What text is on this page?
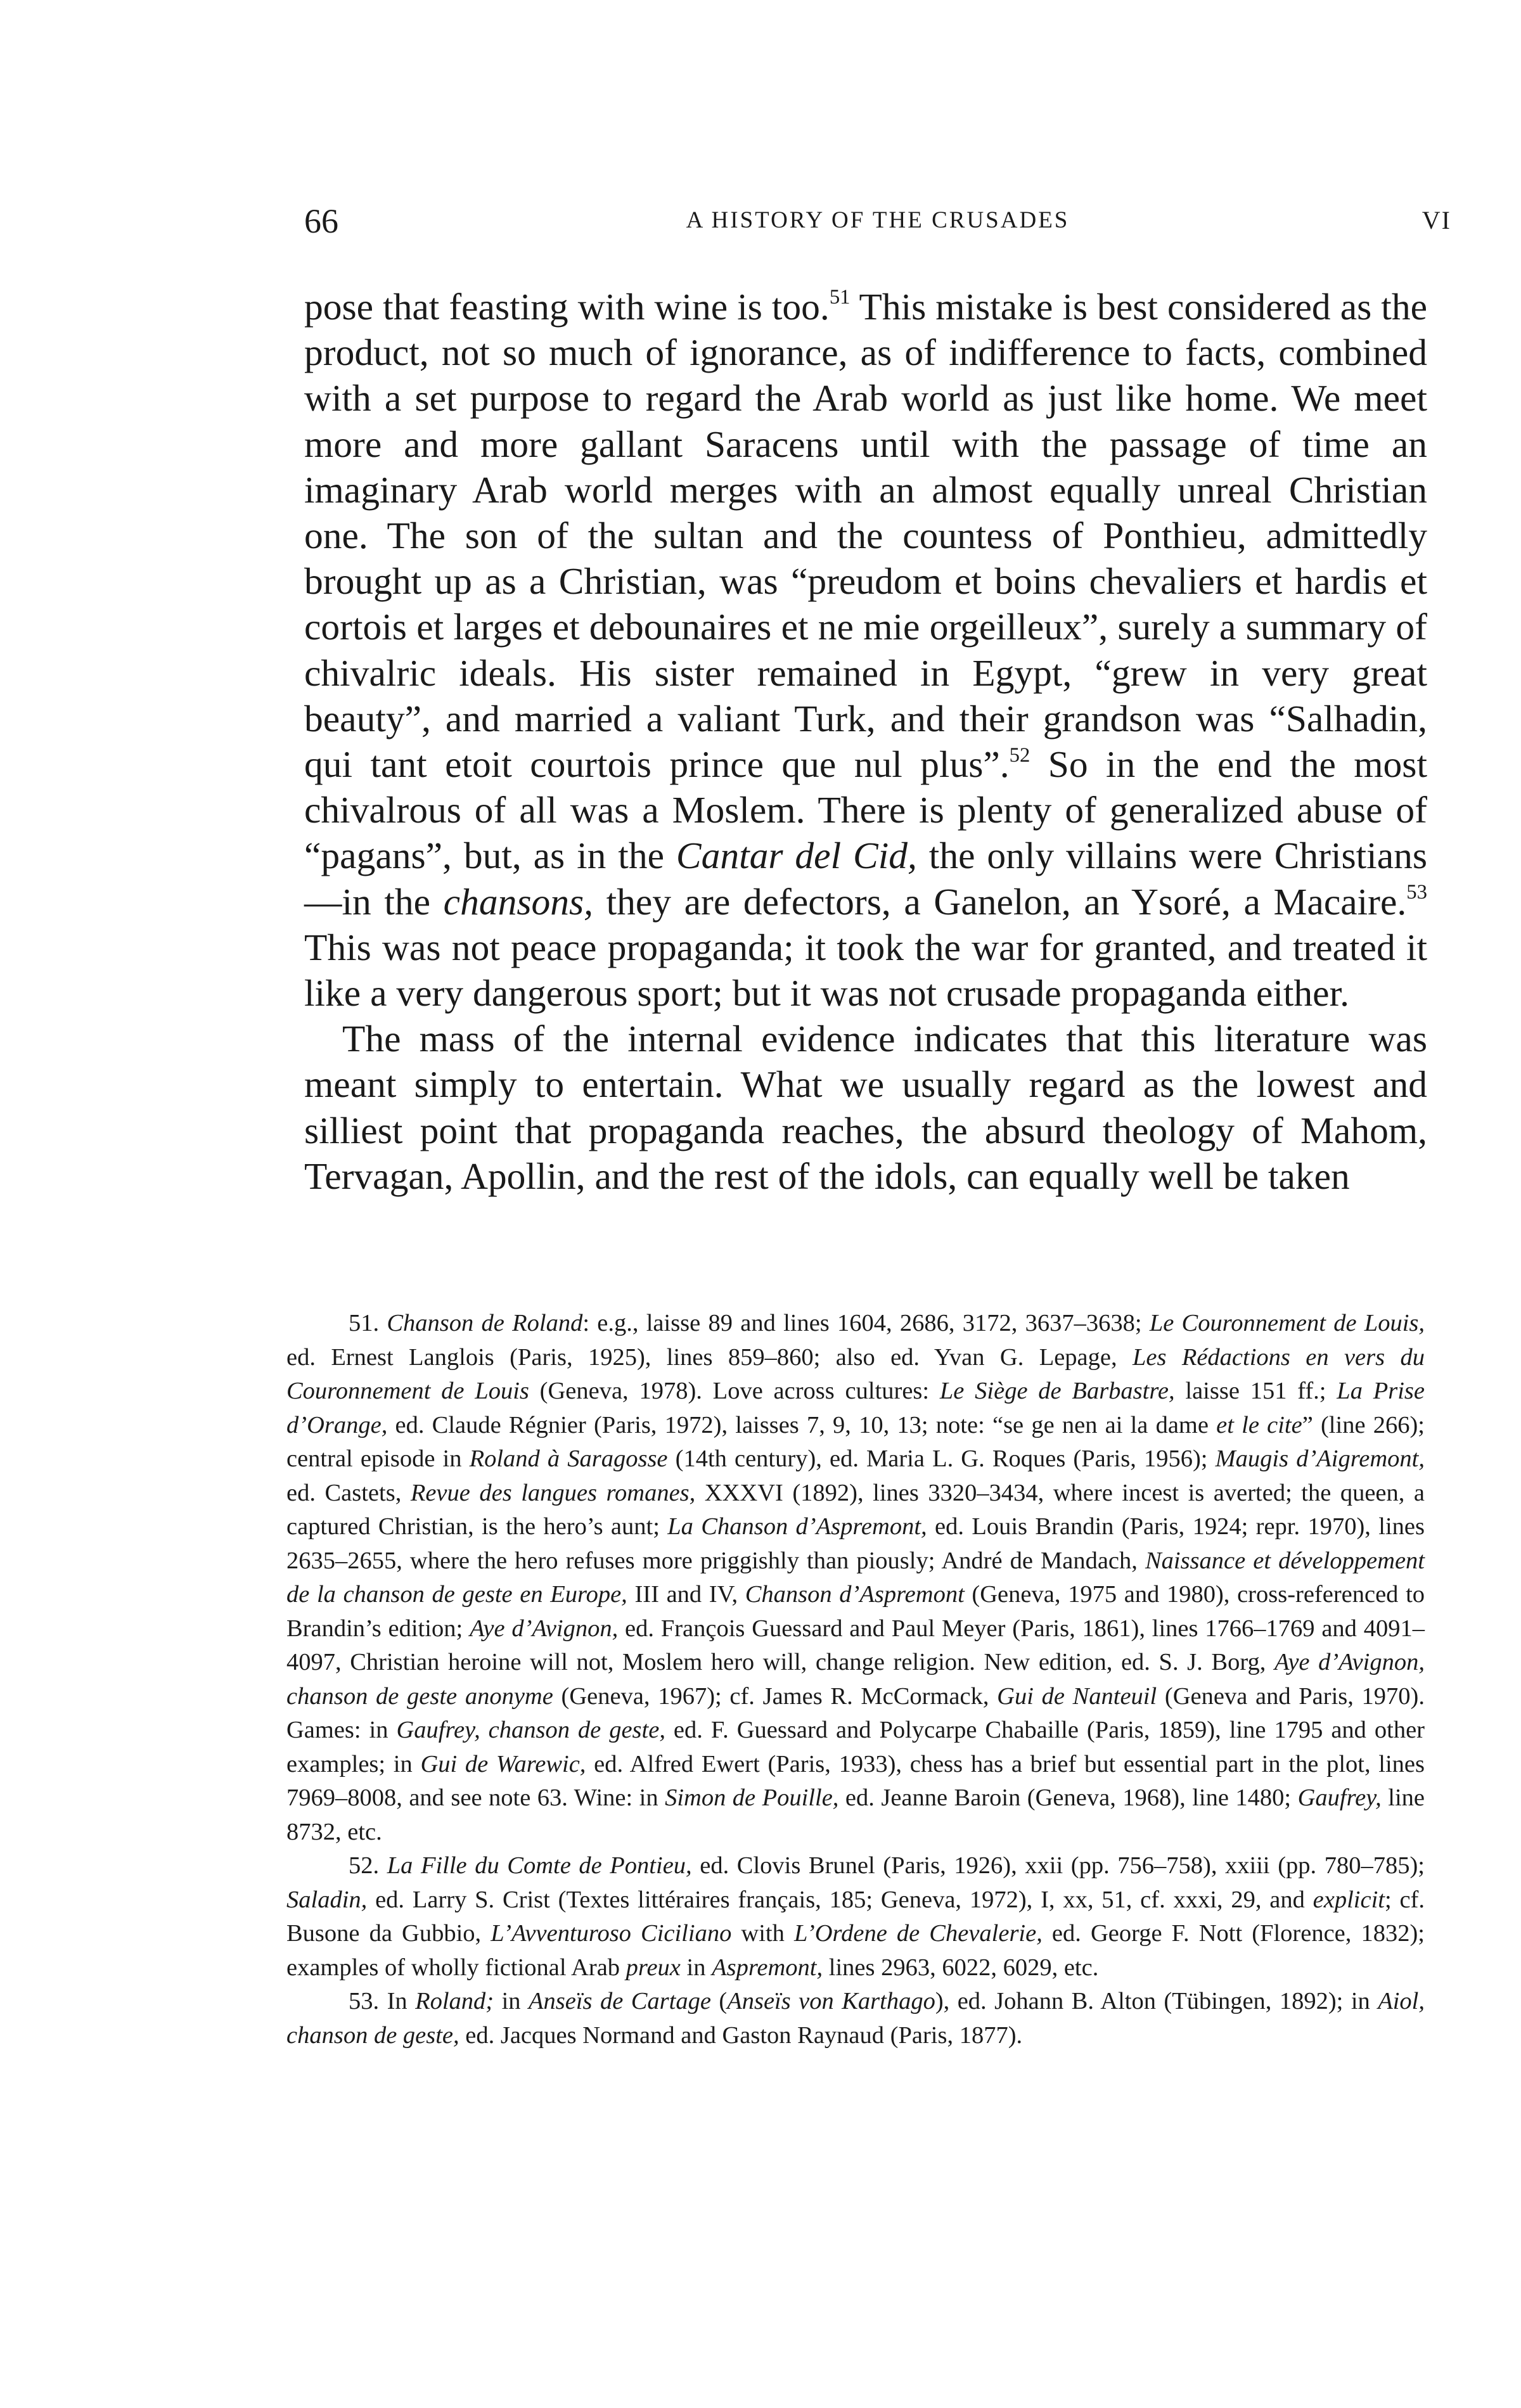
66	A HISTORY OF THE CRUSADES	VI

pose that feasting with wine is too.$^{51}$ This mistake is best considered as the product, not so much of ignorance, as of indifference to facts, combined with a set purpose to regard the Arab world as just like home. We meet more and more gallant Saracens until with the passage of time an imaginary Arab world merges with an almost equally unreal Christian one. The son of the sultan and the countess of Ponthieu, admittedly brought up as a Christian, was “preudom et boins chevaliers et hardis et cortois et larges et debounaires et ne mie orgeilleux”, surely a summary of chivalric ideals. His sister remained in Egypt, “grew in very great beauty”, and married a valiant Turk, and their grandson was “Salhadin, qui tant etoit courtois prince que nul plus”.$^{52}$ So in the end the most chivalrous of all was a Moslem. There is plenty of generalized abuse of “pagans”, but, as in the Cantar del Cid, the only villains were Christians—in the chansons, they are defectors, a Ganelon, an Ysoré, a Macaire.$^{53}$ This was not peace propaganda; it took the war for granted, and treated it like a very dangerous sport; but it was not crusade propaganda either.

The mass of the internal evidence indicates that this literature was meant simply to entertain. What we usually regard as the lowest and silliest point that propaganda reaches, the absurd theology of Mahom, Tervagan, Apollin, and the rest of the idols, can equally well be taken

51. Chanson de Roland: e.g., laisse 89 and lines 1604, 2686, 3172, 3637–3638; Le Couronnement de Louis, ed. Ernest Langlois (Paris, 1925), lines 859–860; also ed. Yvan G. Lepage, Les Rédactions en vers du Couronnement de Louis (Geneva, 1978). Love across cultures: Le Siège de Barbastre, laisse 151 ff.; La Prise d’Orange, ed. Claude Régnier (Paris, 1972), laisses 7, 9, 10, 13; note: “se ge nen ai la dame et le cite” (line 266); central episode in Roland à Saragosse (14th century), ed. Maria L. G. Roques (Paris, 1956); Maugis d’Aigremont, ed. Castets, Revue des langues romanes, XXXVI (1892), lines 3320–3434, where incest is averted; the queen, a captured Christian, is the hero’s aunt; La Chanson d’Aspremont, ed. Louis Brandin (Paris, 1924; repr. 1970), lines 2635–2655, where the hero refuses more priggishly than piously; André de Mandach, Naissance et développement de la chanson de geste en Europe, III and IV, Chanson d’Aspremont (Geneva, 1975 and 1980), cross-referenced to Brandin’s edition; Aye d’Avignon, ed. François Guessard and Paul Meyer (Paris, 1861), lines 1766–1769 and 4091–4097, Christian heroine will not, Moslem hero will, change religion. New edition, ed. S. J. Borg, Aye d’Avignon, chanson de geste anonyme (Geneva, 1967); cf. James R. McCormack, Gui de Nanteuil (Geneva and Paris, 1970). Games: in Gaufrey, chanson de geste, ed. F. Guessard and Polycarpe Chabaille (Paris, 1859), line 1795 and other examples; in Gui de Warewic, ed. Alfred Ewert (Paris, 1933), chess has a brief but essential part in the plot, lines 7969–8008, and see note 63. Wine: in Simon de Pouille, ed. Jeanne Baroin (Geneva, 1968), line 1480; Gaufrey, line 8732, etc.

52. La Fille du Comte de Pontieu, ed. Clovis Brunel (Paris, 1926), xxii (pp. 756–758), xxiii (pp. 780–785); Saladin, ed. Larry S. Crist (Textes littéraires français, 185; Geneva, 1972), I, xx, 51, cf. xxxi, 29, and explicit; cf. Busone da Gubbio, L’Avventuroso Ciciliano with L’Ordene de Chevalerie, ed. George F. Nott (Florence, 1832); examples of wholly fictional Arab preux in Aspremont, lines 2963, 6022, 6029, etc.

53. In Roland; in Anseïs de Cartage (Anseïs von Karthago), ed. Johann B. Alton (Tübingen, 1892); in Aiol, chanson de geste, ed. Jacques Normand and Gaston Raynaud (Paris, 1877).
